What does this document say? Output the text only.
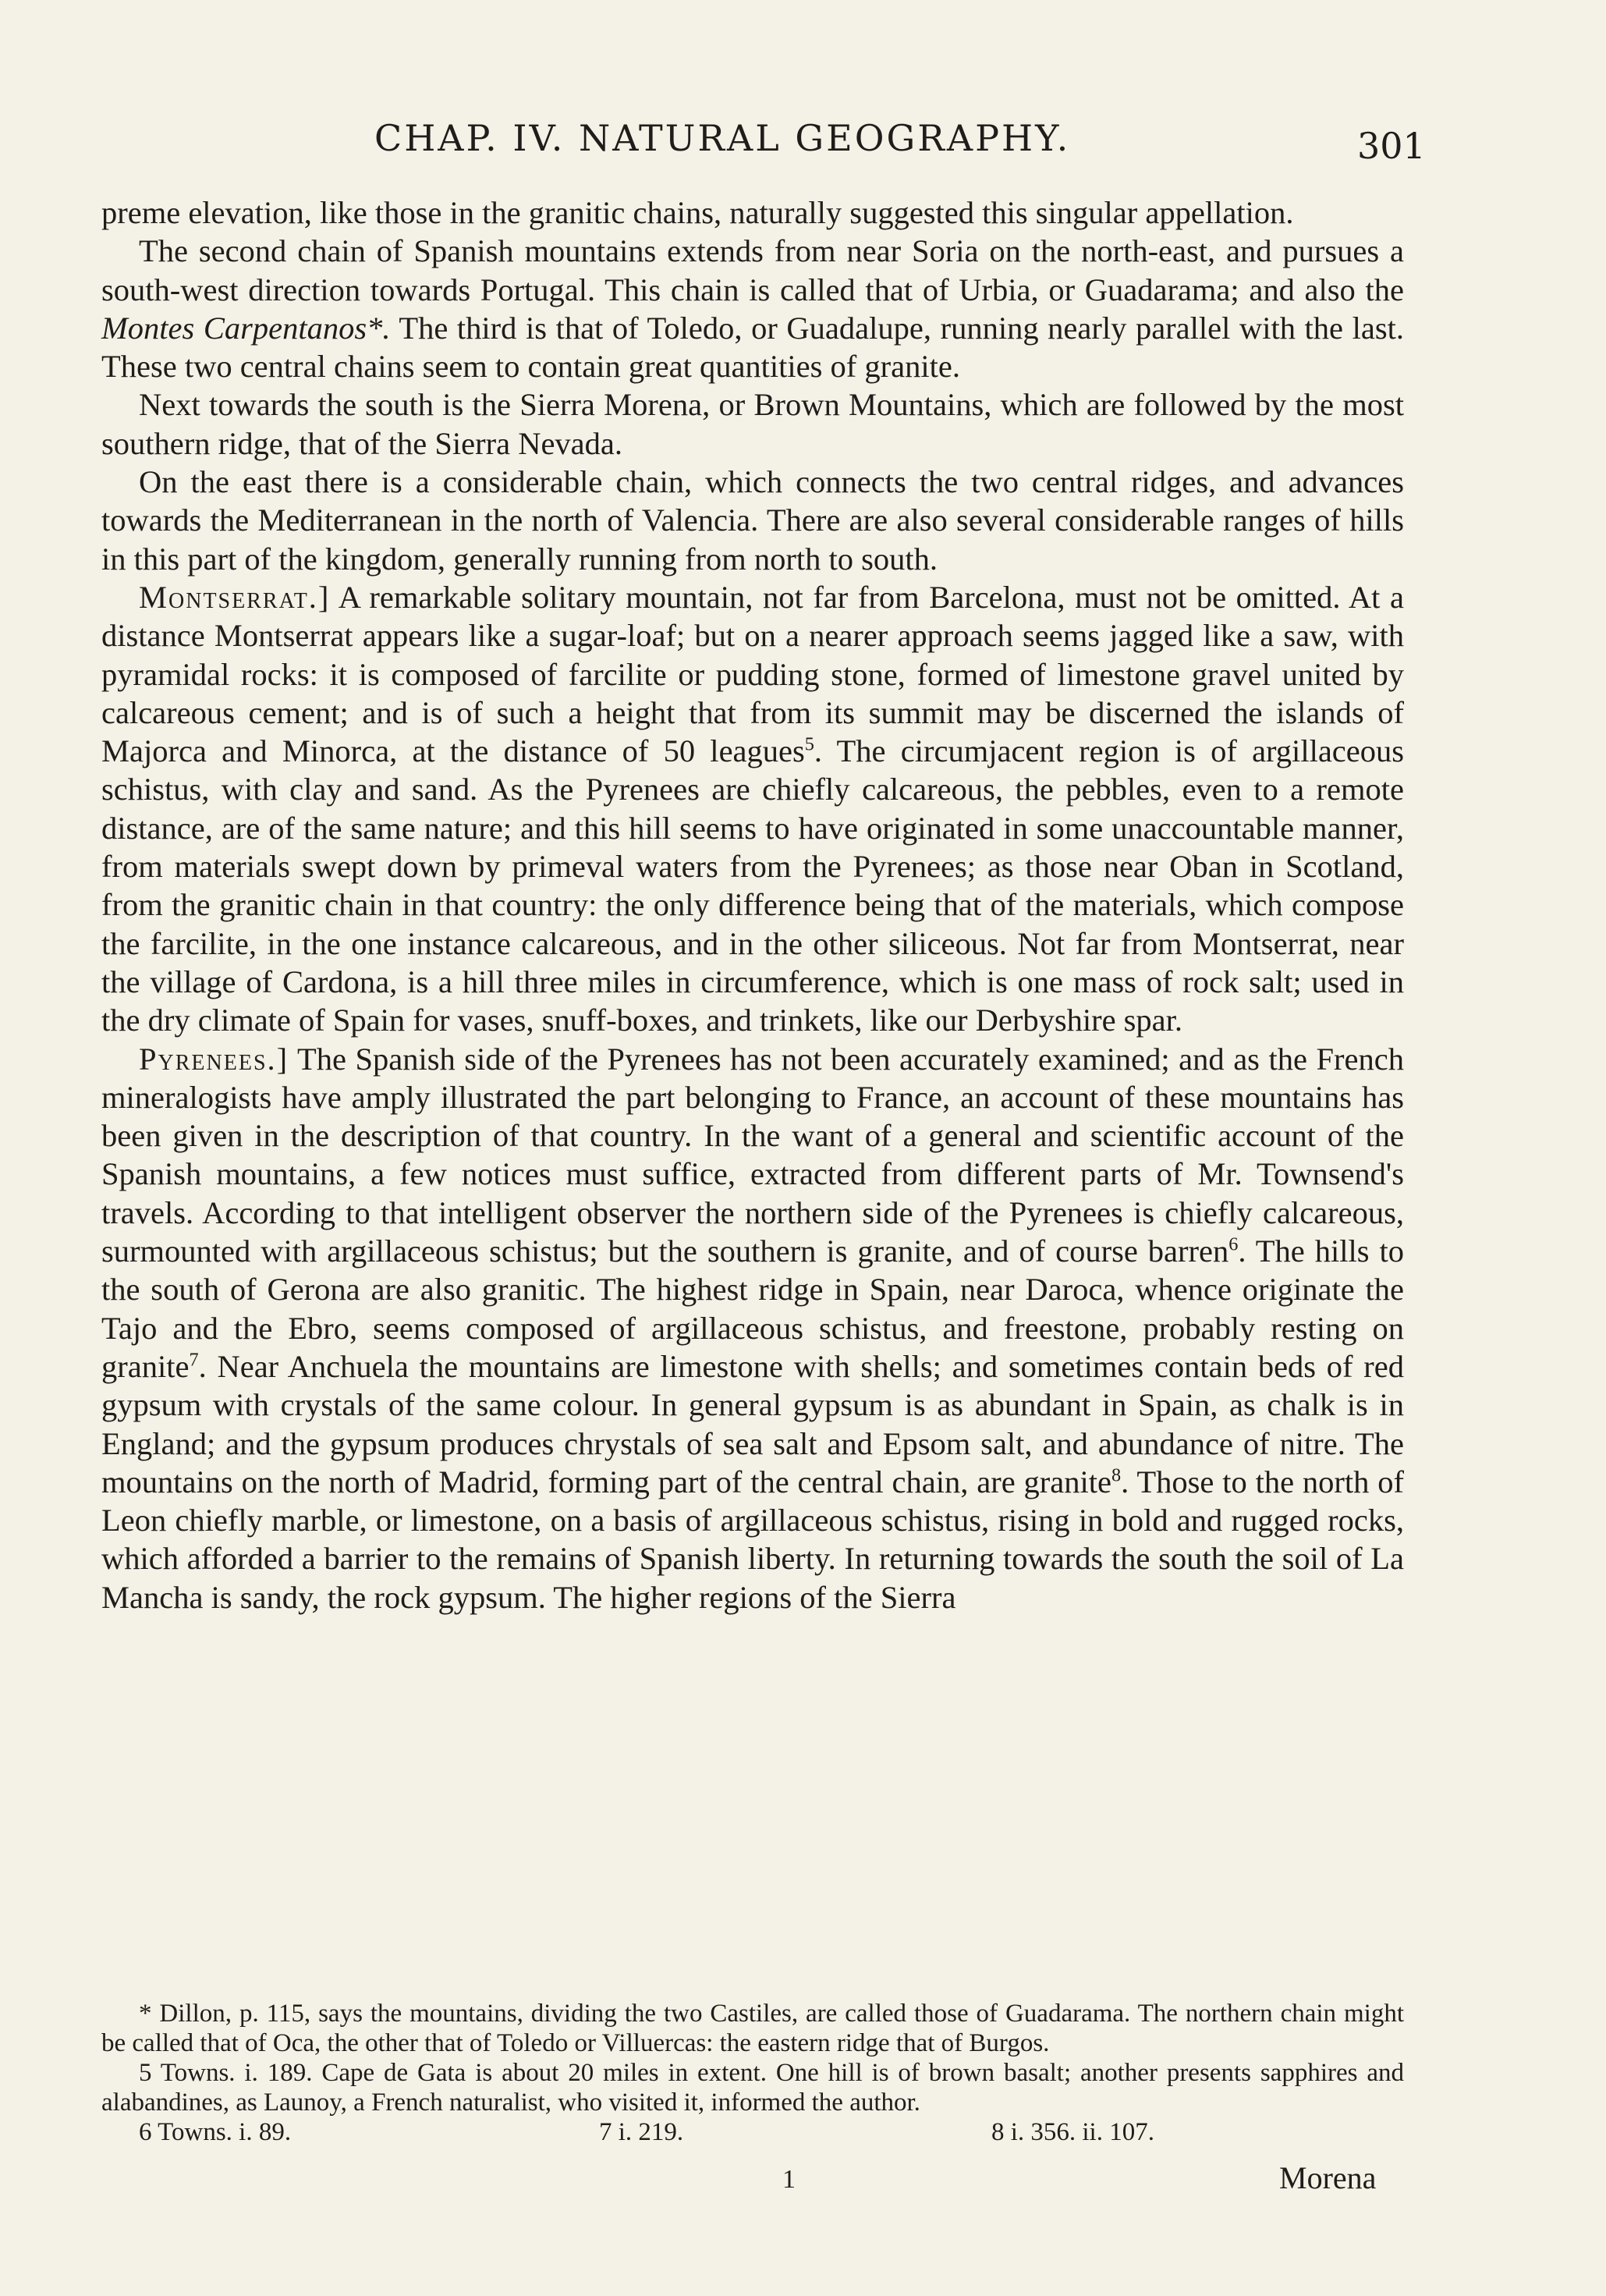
CHAP. IV. NATURAL GEOGRAPHY.	301

preme elevation, like those in the granitic chains, naturally suggested this singular appellation.

The second chain of Spanish mountains extends from near Soria on the north-east, and pursues a south-west direction towards Portugal. This chain is called that of Urbia, or Guadarama; and also the Montes Carpentanos*. The third is that of Toledo, or Guadalupe, running nearly parallel with the last. These two central chains seem to contain great quantities of granite.

Next towards the south is the Sierra Morena, or Brown Mountains, which are followed by the most southern ridge, that of the Sierra Nevada.

On the east there is a considerable chain, which connects the two central ridges, and advances towards the Mediterranean in the north of Valencia. There are also several considerable ranges of hills in this part of the kingdom, generally running from north to south.

Montserrat.] A remarkable solitary mountain, not far from Barcelona, must not be omitted. At a distance Montserrat appears like a sugar-loaf; but on a nearer approach seems jagged like a saw, with pyramidal rocks: it is composed of farcilite or pudding stone, formed of limestone gravel united by calcareous cement; and is of such a height that from its summit may be discerned the islands of Majorca and Minorca, at the distance of 50 leagues$^5$. The circumjacent region is of argillaceous schistus, with clay and sand. As the Pyrenees are chiefly calcareous, the pebbles, even to a remote distance, are of the same nature; and this hill seems to have originated in some unaccountable manner, from materials swept down by primeval waters from the Pyrenees; as those near Oban in Scotland, from the granitic chain in that country: the only difference being that of the materials, which compose the farcilite, in the one instance calcareous, and in the other siliceous. Not far from Montserrat, near the village of Cardona, is a hill three miles in circumference, which is one mass of rock salt; used in the dry climate of Spain for vases, snuff-boxes, and trinkets, like our Derbyshire spar.

Pyrenees.] The Spanish side of the Pyrenees has not been accurately examined; and as the French mineralogists have amply illustrated the part belonging to France, an account of these mountains has been given in the description of that country. In the want of a general and scientific account of the Spanish mountains, a few notices must suffice, extracted from different parts of Mr. Townsend's travels. According to that intelligent observer the northern side of the Pyrenees is chiefly calcareous, surmounted with argillaceous schistus; but the southern is granite, and of course barren$^6$. The hills to the south of Gerona are also granitic. The highest ridge in Spain, near Daroca, whence originate the Tajo and the Ebro, seems composed of argillaceous schistus, and freestone, probably resting on granite$^7$. Near Anchuela the mountains are limestone with shells; and sometimes contain beds of red gypsum with crystals of the same colour. In general gypsum is as abundant in Spain, as chalk is in England; and the gypsum produces chrystals of sea salt and Epsom salt, and abundance of nitre. The mountains on the north of Madrid, forming part of the central chain, are granite$^8$. Those to the north of Leon chiefly marble, or limestone, on a basis of argillaceous schistus, rising in bold and rugged rocks, which afforded a barrier to the remains of Spanish liberty. In returning towards the south the soil of La Mancha is sandy, the rock gypsum. The higher regions of the Sierra

* Dillon, p. 115, says the mountains, dividing the two Castiles, are called those of Guadarama. The northern chain might be called that of Oca, the other that of Toledo or Villuercas: the eastern ridge that of Burgos.

5 Towns. i. 189. Cape de Gata is about 20 miles in extent. One hill is of brown basalt; another presents sapphires and alabandines, as Launoy, a French naturalist, who visited it, informed the author.

6 Towns. i. 89.	7 i. 219.	8 i. 356. ii. 107.
1	Morena
